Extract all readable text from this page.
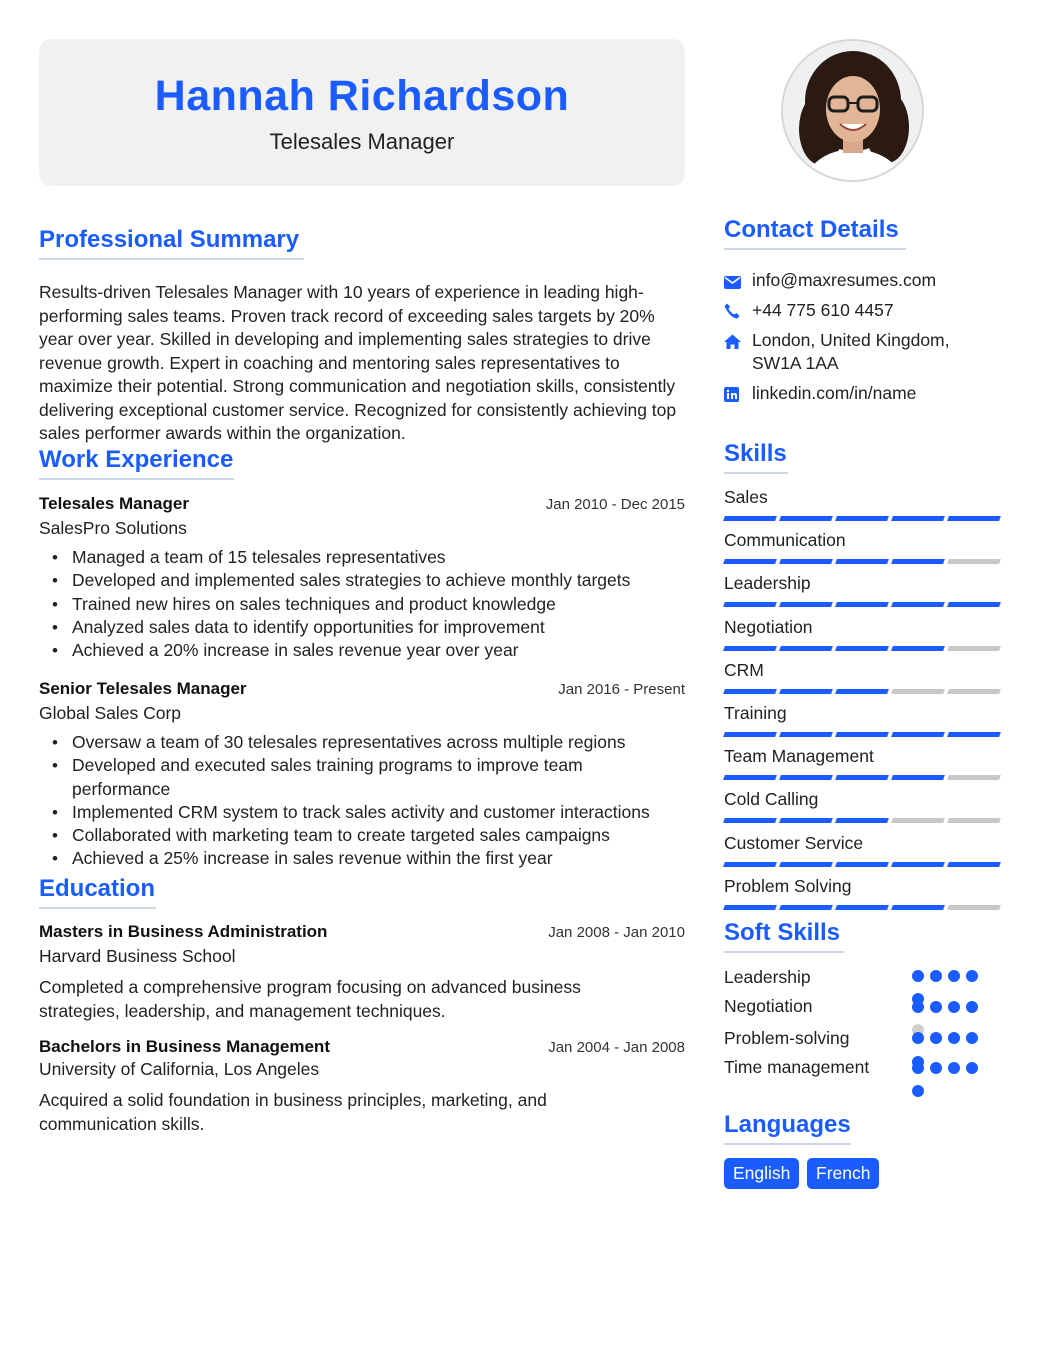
Hannah Richardson
Telesales Manager
Professional Summary
Results-driven Telesales Manager with 10 years of experience in leading high-performing sales teams. Proven track record of exceeding sales targets by 20% year over year. Skilled in developing and implementing sales strategies to drive revenue growth. Expert in coaching and mentoring sales representatives to maximize their potential. Strong communication and negotiation skills, consistently delivering exceptional customer service. Recognized for consistently achieving top sales performer awards within the organization.
Work Experience
Telesales Manager	Jan 2010 - Dec 2015
SalesPro Solutions
• Managed a team of 15 telesales representatives
• Developed and implemented sales strategies to achieve monthly targets
• Trained new hires on sales techniques and product knowledge
• Analyzed sales data to identify opportunities for improvement
• Achieved a 20% increase in sales revenue year over year
Senior Telesales Manager	Jan 2016 - Present
Global Sales Corp
• Oversaw a team of 30 telesales representatives across multiple regions
• Developed and executed sales training programs to improve team performance
• Implemented CRM system to track sales activity and customer interactions
• Collaborated with marketing team to create targeted sales campaigns
• Achieved a 25% increase in sales revenue within the first year
Education
Masters in Business Administration	Jan 2008 - Jan 2010
Harvard Business School
Completed a comprehensive program focusing on advanced business strategies, leadership, and management techniques.
Bachelors in Business Management	Jan 2004 - Jan 2008
University of California, Los Angeles
Acquired a solid foundation in business principles, marketing, and communication skills.
Contact Details
info@maxresumes.com
+44 775 610 4457
London, United Kingdom, SW1A 1AA
linkedin.com/in/name
Skills
Sales
Communication
Leadership
Negotiation
CRM
Training
Team Management
Cold Calling
Customer Service
Problem Solving
Soft Skills
Leadership
Negotiation
Problem-solving
Time management
Languages
English	French
